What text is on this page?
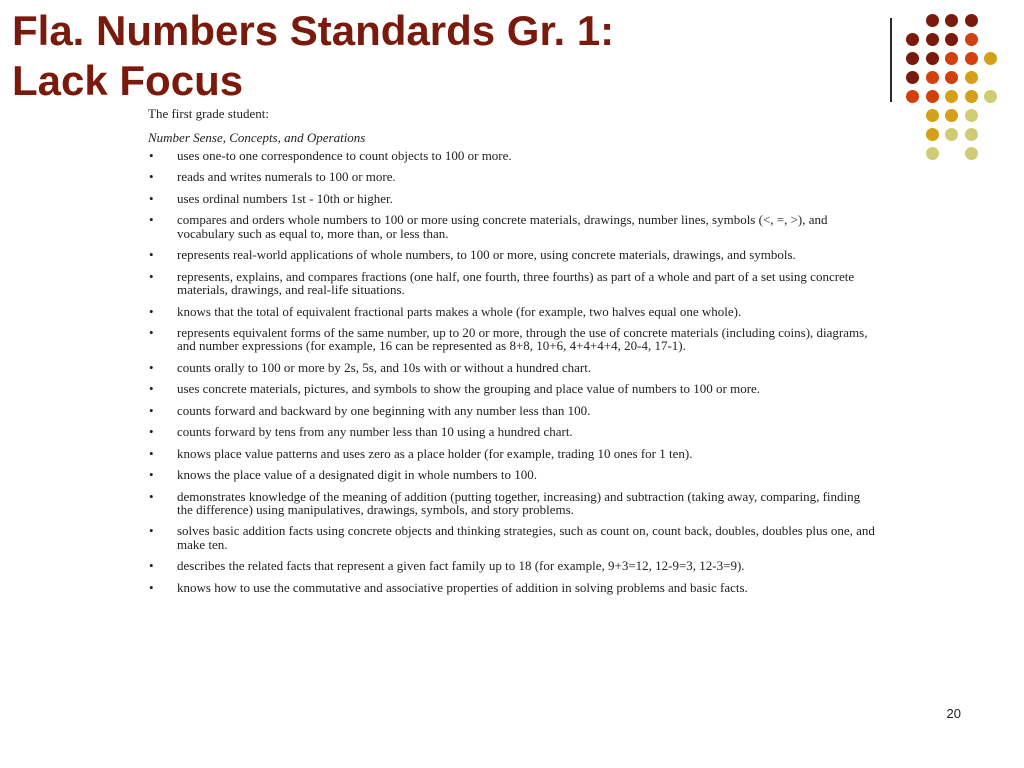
Fla. Numbers Standards Gr. 1:
Lack Focus

The first grade student:

Number Sense, Concepts, and Operations

• uses one-to one correspondence to count objects to 100 or more.
• reads and writes numerals to 100 or more.
• uses ordinal numbers 1st - 10th or higher.
• compares and orders whole numbers to 100 or more using concrete materials, drawings, number lines, symbols (<, =, >), and vocabulary such as equal to, more than, or less than.
• represents real-world applications of whole numbers, to 100 or more, using concrete materials, drawings, and symbols.
• represents, explains, and compares fractions (one half, one fourth, three fourths) as part of a whole and part of a set using concrete materials, drawings, and real-life situations.
• knows that the total of equivalent fractional parts makes a whole (for example, two halves equal one whole).
• represents equivalent forms of the same number, up to 20 or more, through the use of concrete materials (including coins), diagrams, and number expressions (for example, 16 can be represented as 8+8, 10+6, 4+4+4+4, 20-4, 17-1).
• counts orally to 100 or more by 2s, 5s, and 10s with or without a hundred chart.
• uses concrete materials, pictures, and symbols to show the grouping and place value of numbers to 100 or more.
• counts forward and backward by one beginning with any number less than 100.
• counts forward by tens from any number less than 10 using a hundred chart.
• knows place value patterns and uses zero as a place holder (for example, trading 10 ones for 1 ten).
• knows the place value of a designated digit in whole numbers to 100.
• demonstrates knowledge of the meaning of addition (putting together, increasing) and subtraction (taking away, comparing, finding the difference) using manipulatives, drawings, symbols, and story problems.
• solves basic addition facts using concrete objects and thinking strategies, such as count on, count back, doubles, doubles plus one, and make ten.
• describes the related facts that represent a given fact family up to 18 (for example, 9+3=12, 12-9=3, 12-3=9).
• knows how to use the commutative and associative properties of addition in solving problems and basic facts.
20
